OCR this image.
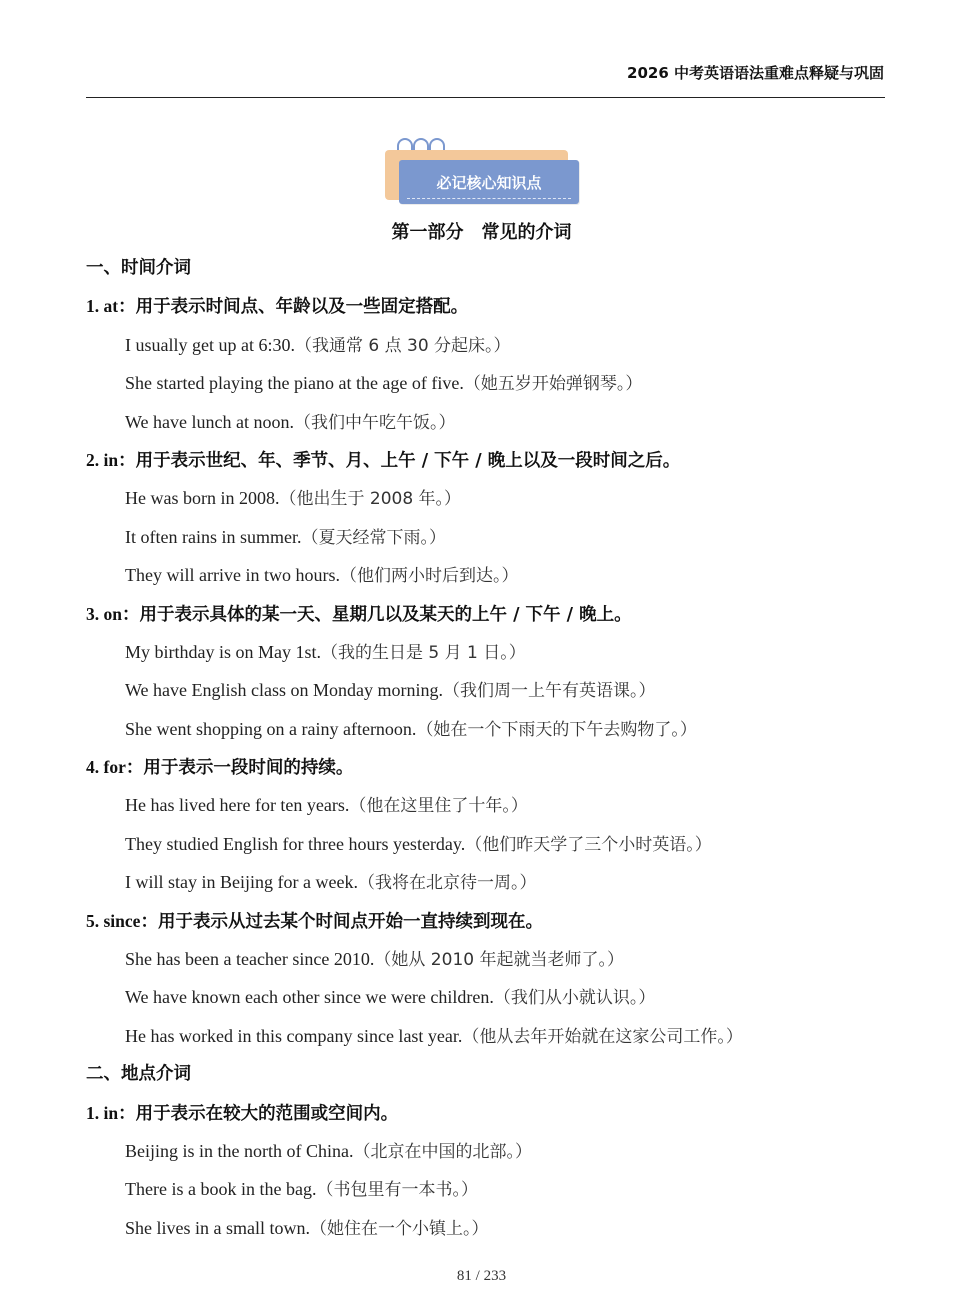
2026 中考英语语法重难点释疑与巩固
必记核心知识点
第一部分　常见的介词
一、时间介词
1. at：用于表示时间点、年龄以及一些固定搭配。
I usually get up at 6:30.（我通常 6 点 30 分起床。）
She started playing the piano at the age of five.（她五岁开始弹钢琴。）
We have lunch at noon.（我们中午吃午饭。）
2. in：用于表示世纪、年、季节、月、上午 / 下午 / 晚上以及一段时间之后。
He was born in 2008.（他出生于 2008 年。）
It often rains in summer.（夏天经常下雨。）
They will arrive in two hours.（他们两小时后到达。）
3. on：用于表示具体的某一天、星期几以及某天的上午 / 下午 / 晚上。
My birthday is on May 1st.（我的生日是 5 月 1 日。）
We have English class on Monday morning.（我们周一上午有英语课。）
She went shopping on a rainy afternoon.（她在一个下雨天的下午去购物了。）
4. for：用于表示一段时间的持续。
He has lived here for ten years.（他在这里住了十年。）
They studied English for three hours yesterday.（他们昨天学了三个小时英语。）
I will stay in Beijing for a week.（我将在北京待一周。）
5. since：用于表示从过去某个时间点开始一直持续到现在。
She has been a teacher since 2010.（她从 2010 年起就当老师了。）
We have known each other since we were children.（我们从小就认识。）
He has worked in this company since last year.（他从去年开始就在这家公司工作。）
二、地点介词
1. in：用于表示在较大的范围或空间内。
Beijing is in the north of China.（北京在中国的北部。）
There is a book in the bag.（书包里有一本书。）
She lives in a small town.（她住在一个小镇上。）
81 / 233
